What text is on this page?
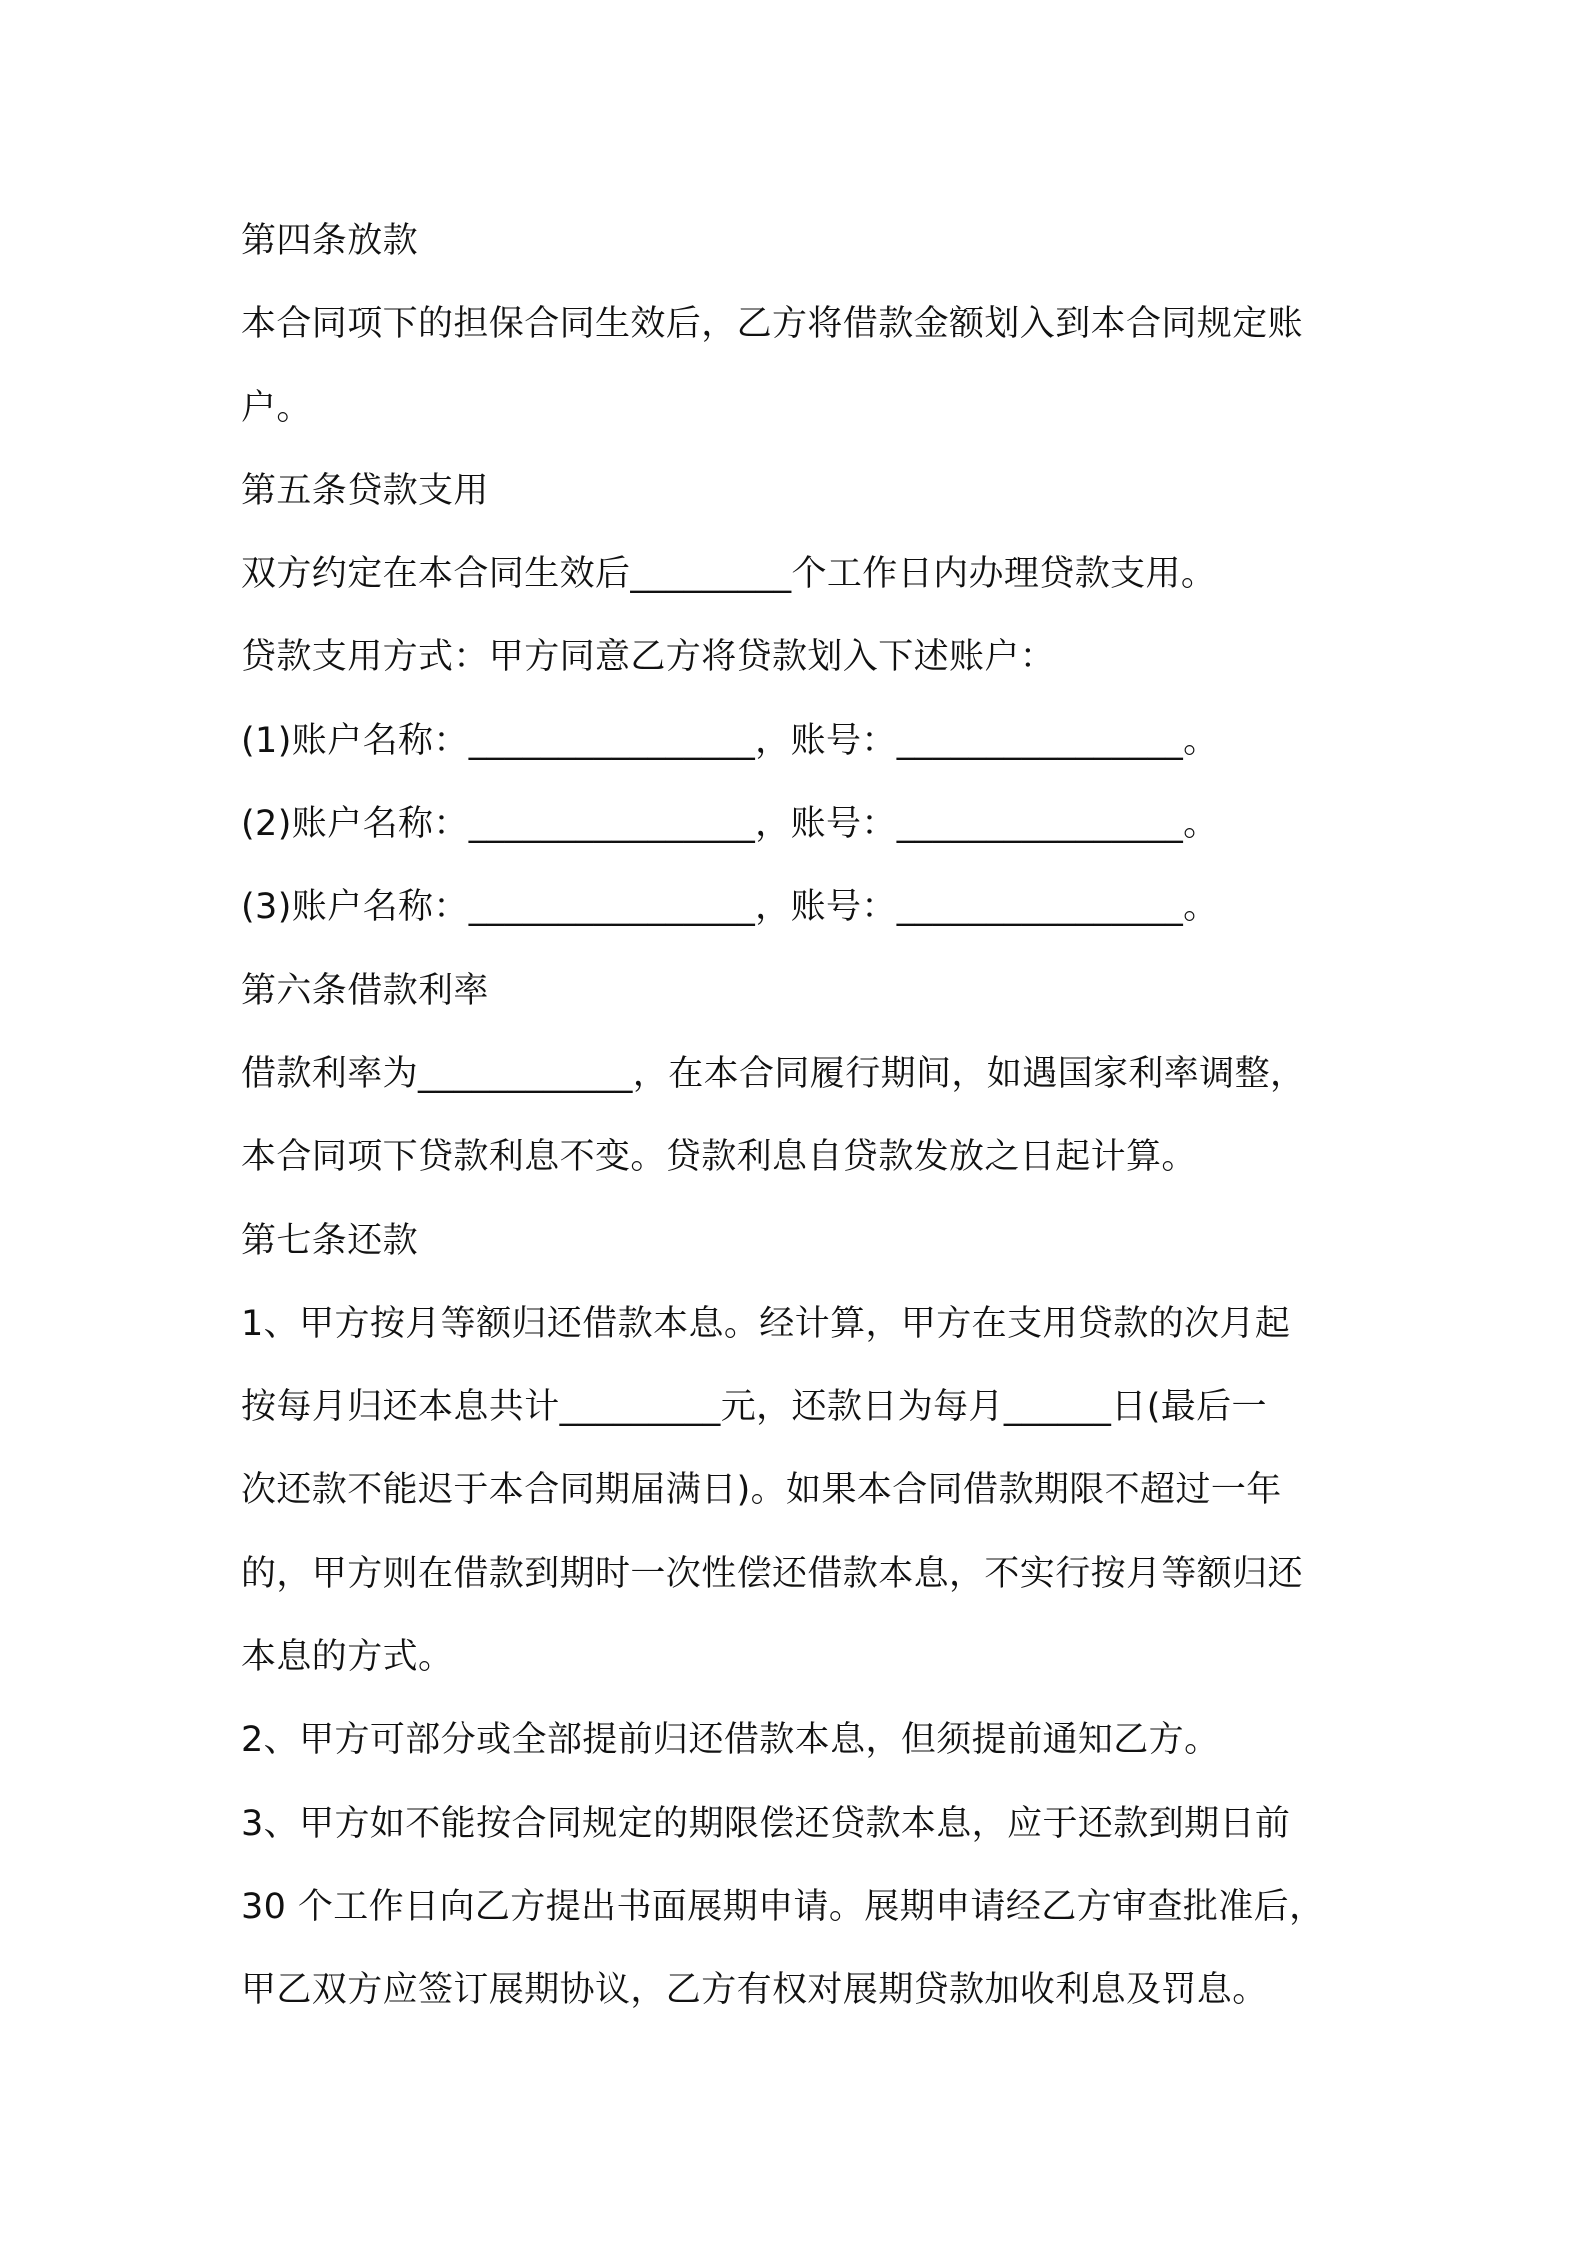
第四条放款
本合同项下的担保合同生效后，乙方将借款金额划入到本合同规定账
户。
第五条贷款支用
双方约定在本合同生效后_________个工作日内办理贷款支用。
贷款支用方式：甲方同意乙方将贷款划入下述账户：
(1)账户名称：________________，账号：________________。
(2)账户名称：________________，账号：________________。
(3)账户名称：________________，账号：________________。
第六条借款利率
借款利率为____________，在本合同履行期间，如遇国家利率调整，
本合同项下贷款利息不变。贷款利息自贷款发放之日起计算。
第七条还款
1、甲方按月等额归还借款本息。经计算，甲方在支用贷款的次月起
按每月归还本息共计_________元，还款日为每月______日(最后一
次还款不能迟于本合同期届满日)。如果本合同借款期限不超过一年
的，甲方则在借款到期时一次性偿还借款本息，不实行按月等额归还
本息的方式。
2、甲方可部分或全部提前归还借款本息，但须提前通知乙方。
3、甲方如不能按合同规定的期限偿还贷款本息，应于还款到期日前
30 个工作日向乙方提出书面展期申请。展期申请经乙方审查批准后，
甲乙双方应签订展期协议，乙方有权对展期贷款加收利息及罚息。
